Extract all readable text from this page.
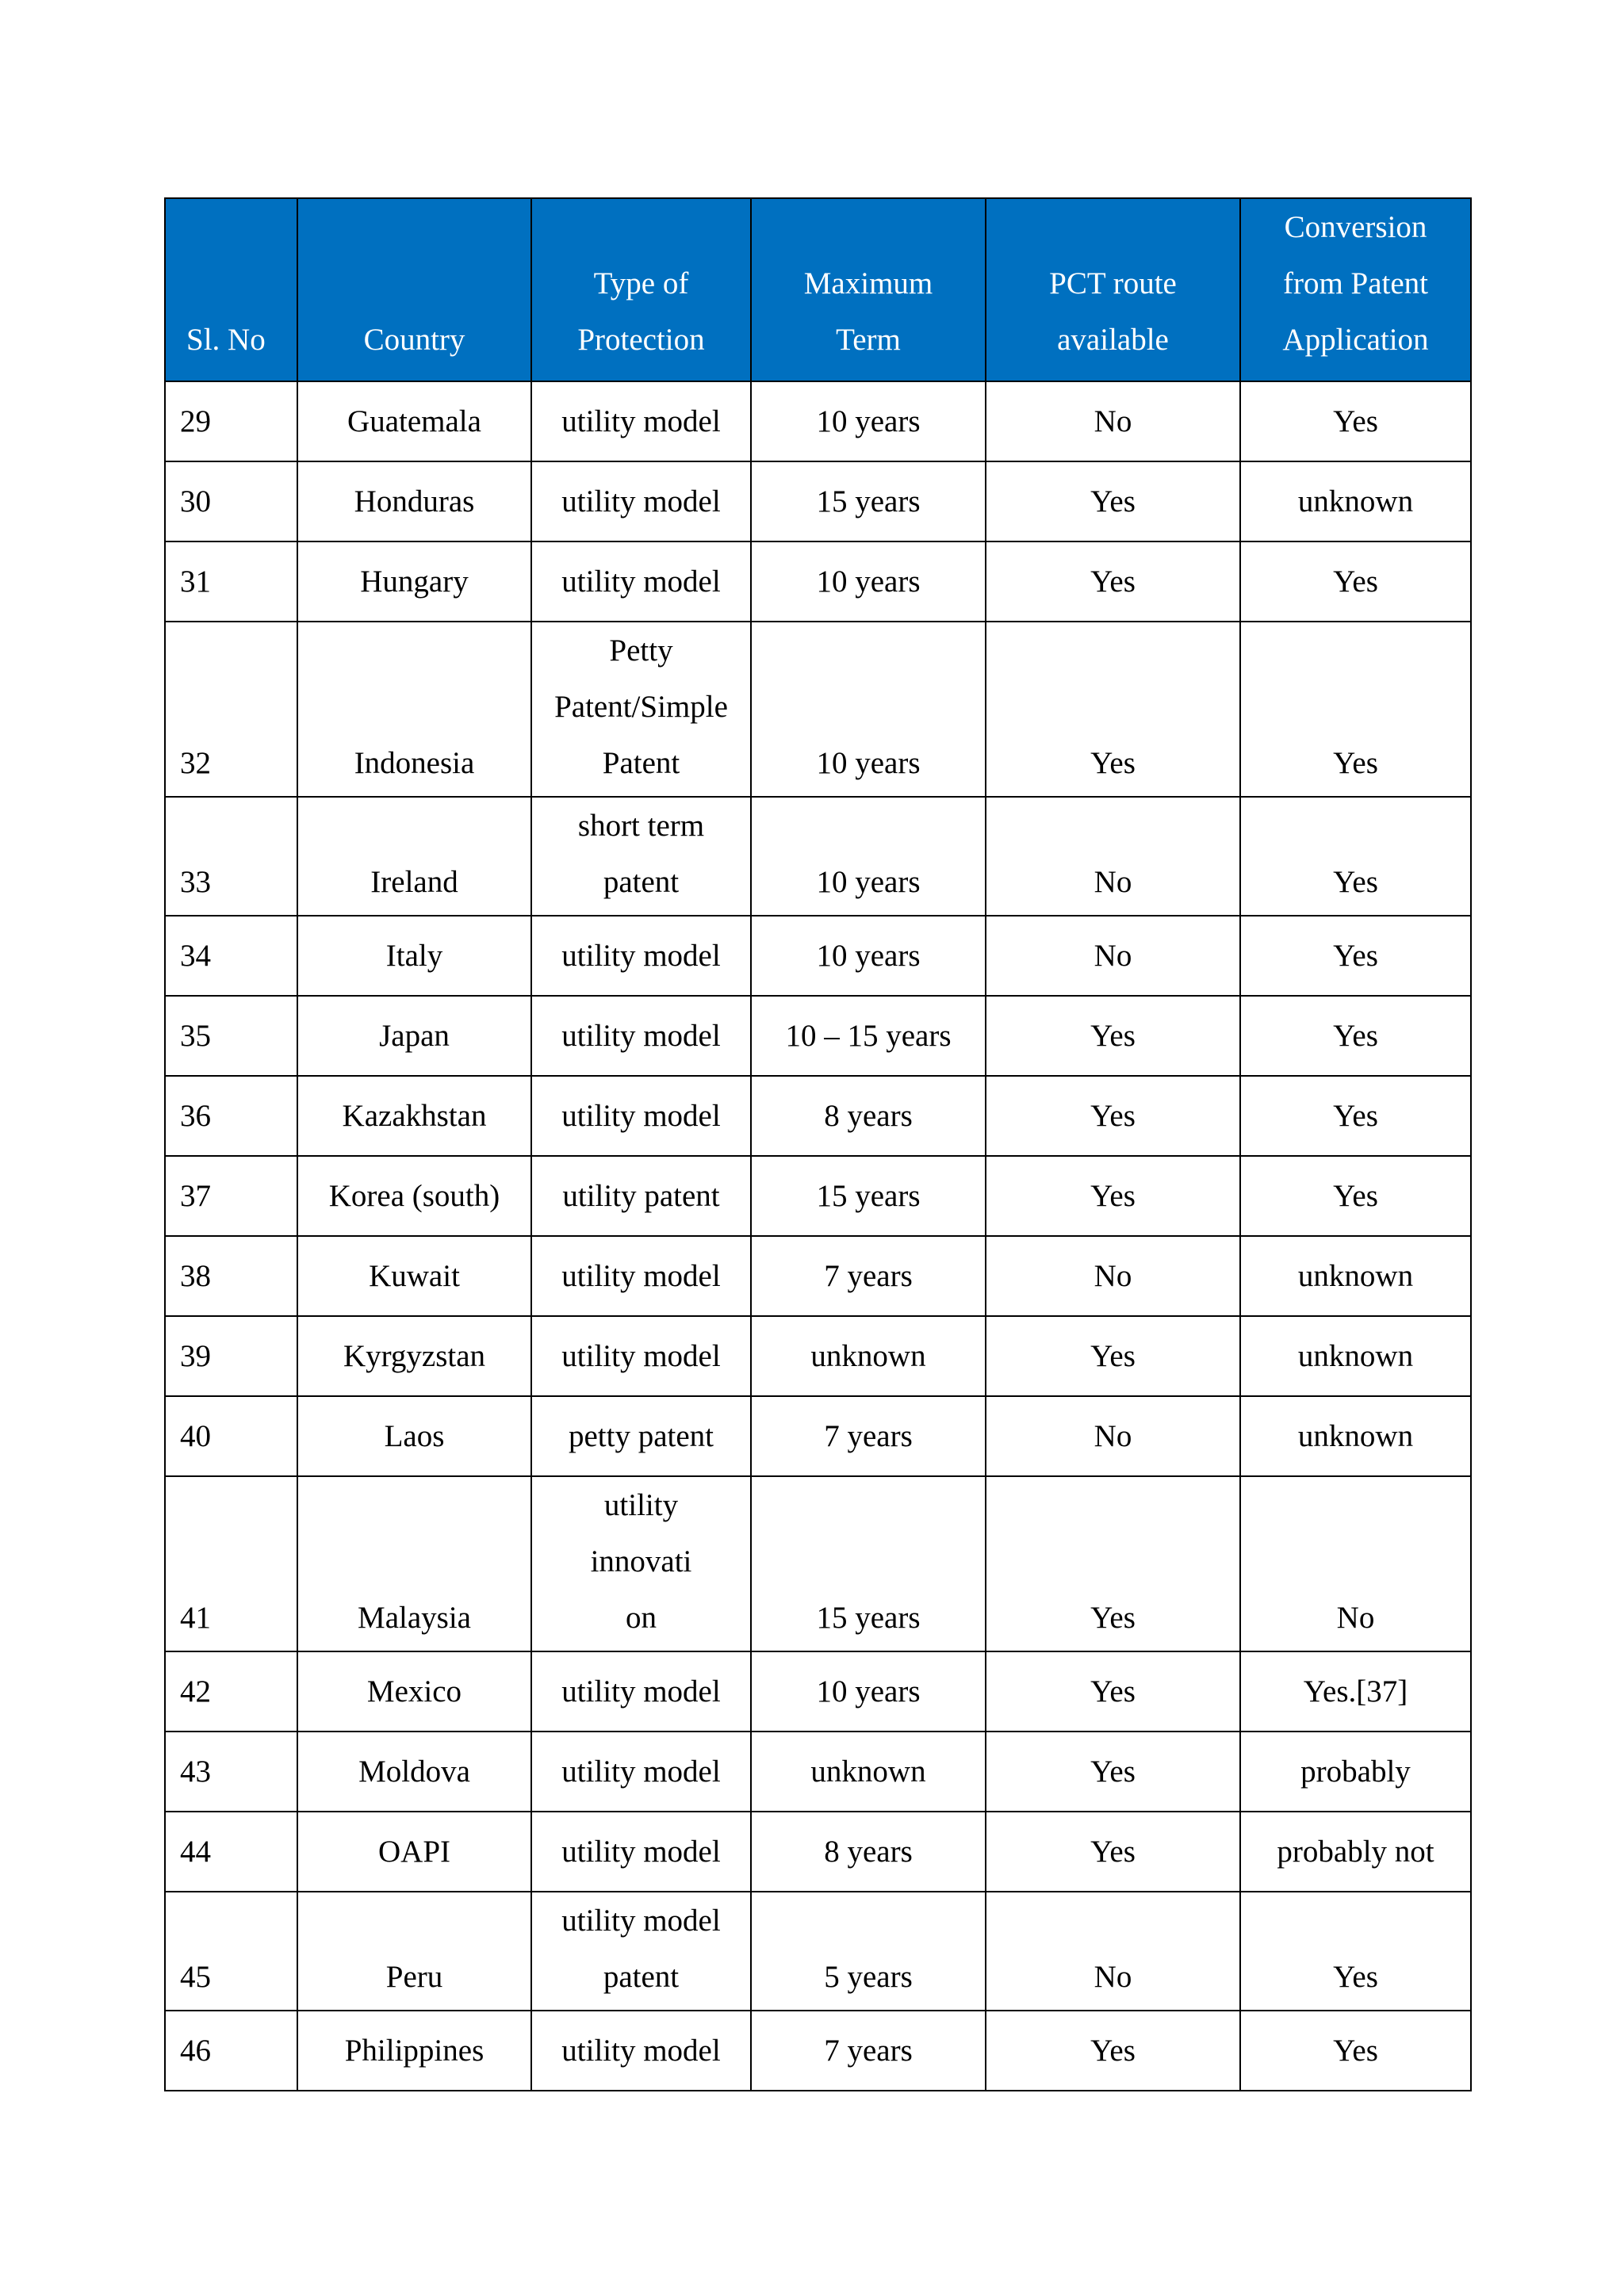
Sl. No	Country	Type of Protection	Maximum Term	PCT route available	Conversion from Patent Application

29	Guatemala	utility model	10 years	No	Yes

30	Honduras	utility model	15 years	Yes	unknown

31	Hungary	utility model	10 years	Yes	Yes

32	Indonesia	Petty Patent/Simple Patent	10 years	Yes	Yes

33	Ireland	short term patent	10 years	No	Yes

34	Italy	utility model	10 years	No	Yes

35	Japan	utility model	10 – 15 years	Yes	Yes

36	Kazakhstan	utility model	8 years	Yes	Yes

37	Korea (south)	utility patent	15 years	Yes	Yes

38	Kuwait	utility model	7 years	No	unknown

39	Kyrgyzstan	utility model	unknown	Yes	unknown

40	Laos	petty patent	7 years	No	unknown

41	Malaysia	utility innovation	15 years	Yes	No

42	Mexico	utility model	10 years	Yes	Yes.[37]

43	Moldova	utility model	unknown	Yes	probably

44	OAPI	utility model	8 years	Yes	probably not

45	Peru	utility model patent	5 years	No	Yes

46	Philippines	utility model	7 years	Yes	Yes
